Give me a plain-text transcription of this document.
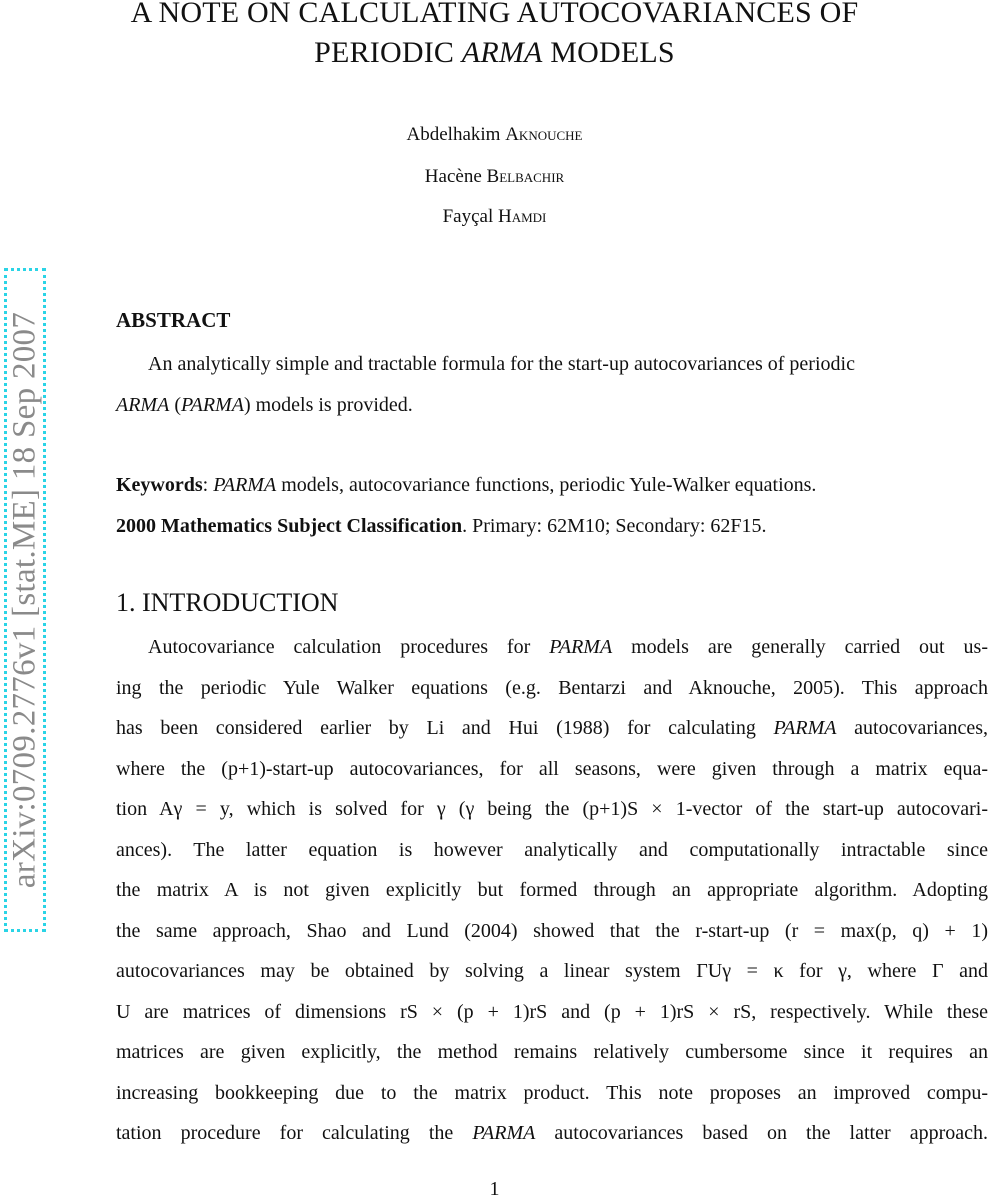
A NOTE ON CALCULATING AUTOCOVARIANCES OF
PERIODIC ARMA MODELS
Abdelhakim Aknouche
Hacène Belbachir
Fayçal Hamdi
arXiv:0709.2776v1 [stat.ME] 18 Sep 2007	ABSTRACT
An analytically simple and tractable formula for the start-up autocovariances of periodic
ARMA (PARMA) models is provided.
Keywords: PARMA models, autocovariance functions, periodic Yule-Walker equations.
2000 Mathematics Subject Classification. Primary: 62M10; Secondary: 62F15.
1. INTRODUCTION
Autocovariance calculation procedures for PARMA models are generally carried out us-
ing the periodic Yule Walker equations (e.g. Bentarzi and Aknouche, 2005). This approach
has been considered earlier by Li and Hui (1988) for calculating PARMA autocovariances,
where the (p+1)-start-up autocovariances, for all seasons, were given through a matrix equa-
tion Aγ = y, which is solved for γ (γ being the (p+1)S × 1-vector of the start-up autocovari-
ances). The latter equation is however analytically and computationally intractable since
the matrix A is not given explicitly but formed through an appropriate algorithm. Adopting
the same approach, Shao and Lund (2004) showed that the r-start-up (r = max(p, q) + 1)
autocovariances may be obtained by solving a linear system ΓUγ = κ for γ, where Γ and
U are matrices of dimensions rS × (p + 1)rS and (p + 1)rS × rS, respectively. While these
matrices are given explicitly, the method remains relatively cumbersome since it requires an
increasing bookkeeping due to the matrix product. This note proposes an improved compu-
tation procedure for calculating the PARMA autocovariances based on the latter approach.
1
